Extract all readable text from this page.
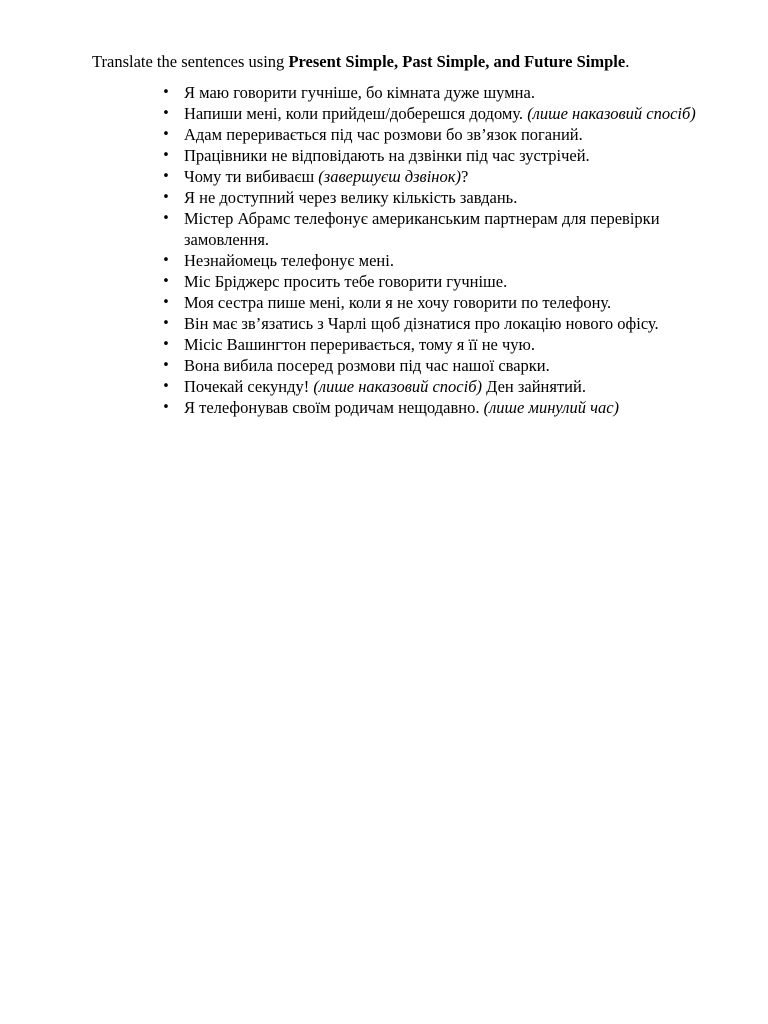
Translate the sentences using Present Simple, Past Simple, and Future Simple.

• Я маю говорити гучніше, бо кімната дуже шумна.
• Напиши мені, коли прийдеш/доберешся додому. (лише наказовий спосіб)
• Адам переривається під час розмови бо зв’язок поганий.
• Працівники не відповідають на дзвінки під час зустрічей.
• Чому ти вибиваєш (завершуєш дзвінок)?
• Я не доступний через велику кількість завдань.
• Містер Абрамс телефонує американським партнерам для перевірки замовлення.
• Незнайомець телефонує мені.
• Міс Бріджерс просить тебе говорити гучніше.
• Моя сестра пише мені, коли я не хочу говорити по телефону.
• Він має зв’язатись з Чарлі щоб дізнатися про локацію нового офісу.
• Місіс Вашингтон переривається, тому я її не чую.
• Вона вибила посеред розмови під час нашої сварки.
• Почекай секунду! (лише наказовий спосіб) Ден зайнятий.
• Я телефонував своїм родичам нещодавно. (лише минулий час)
